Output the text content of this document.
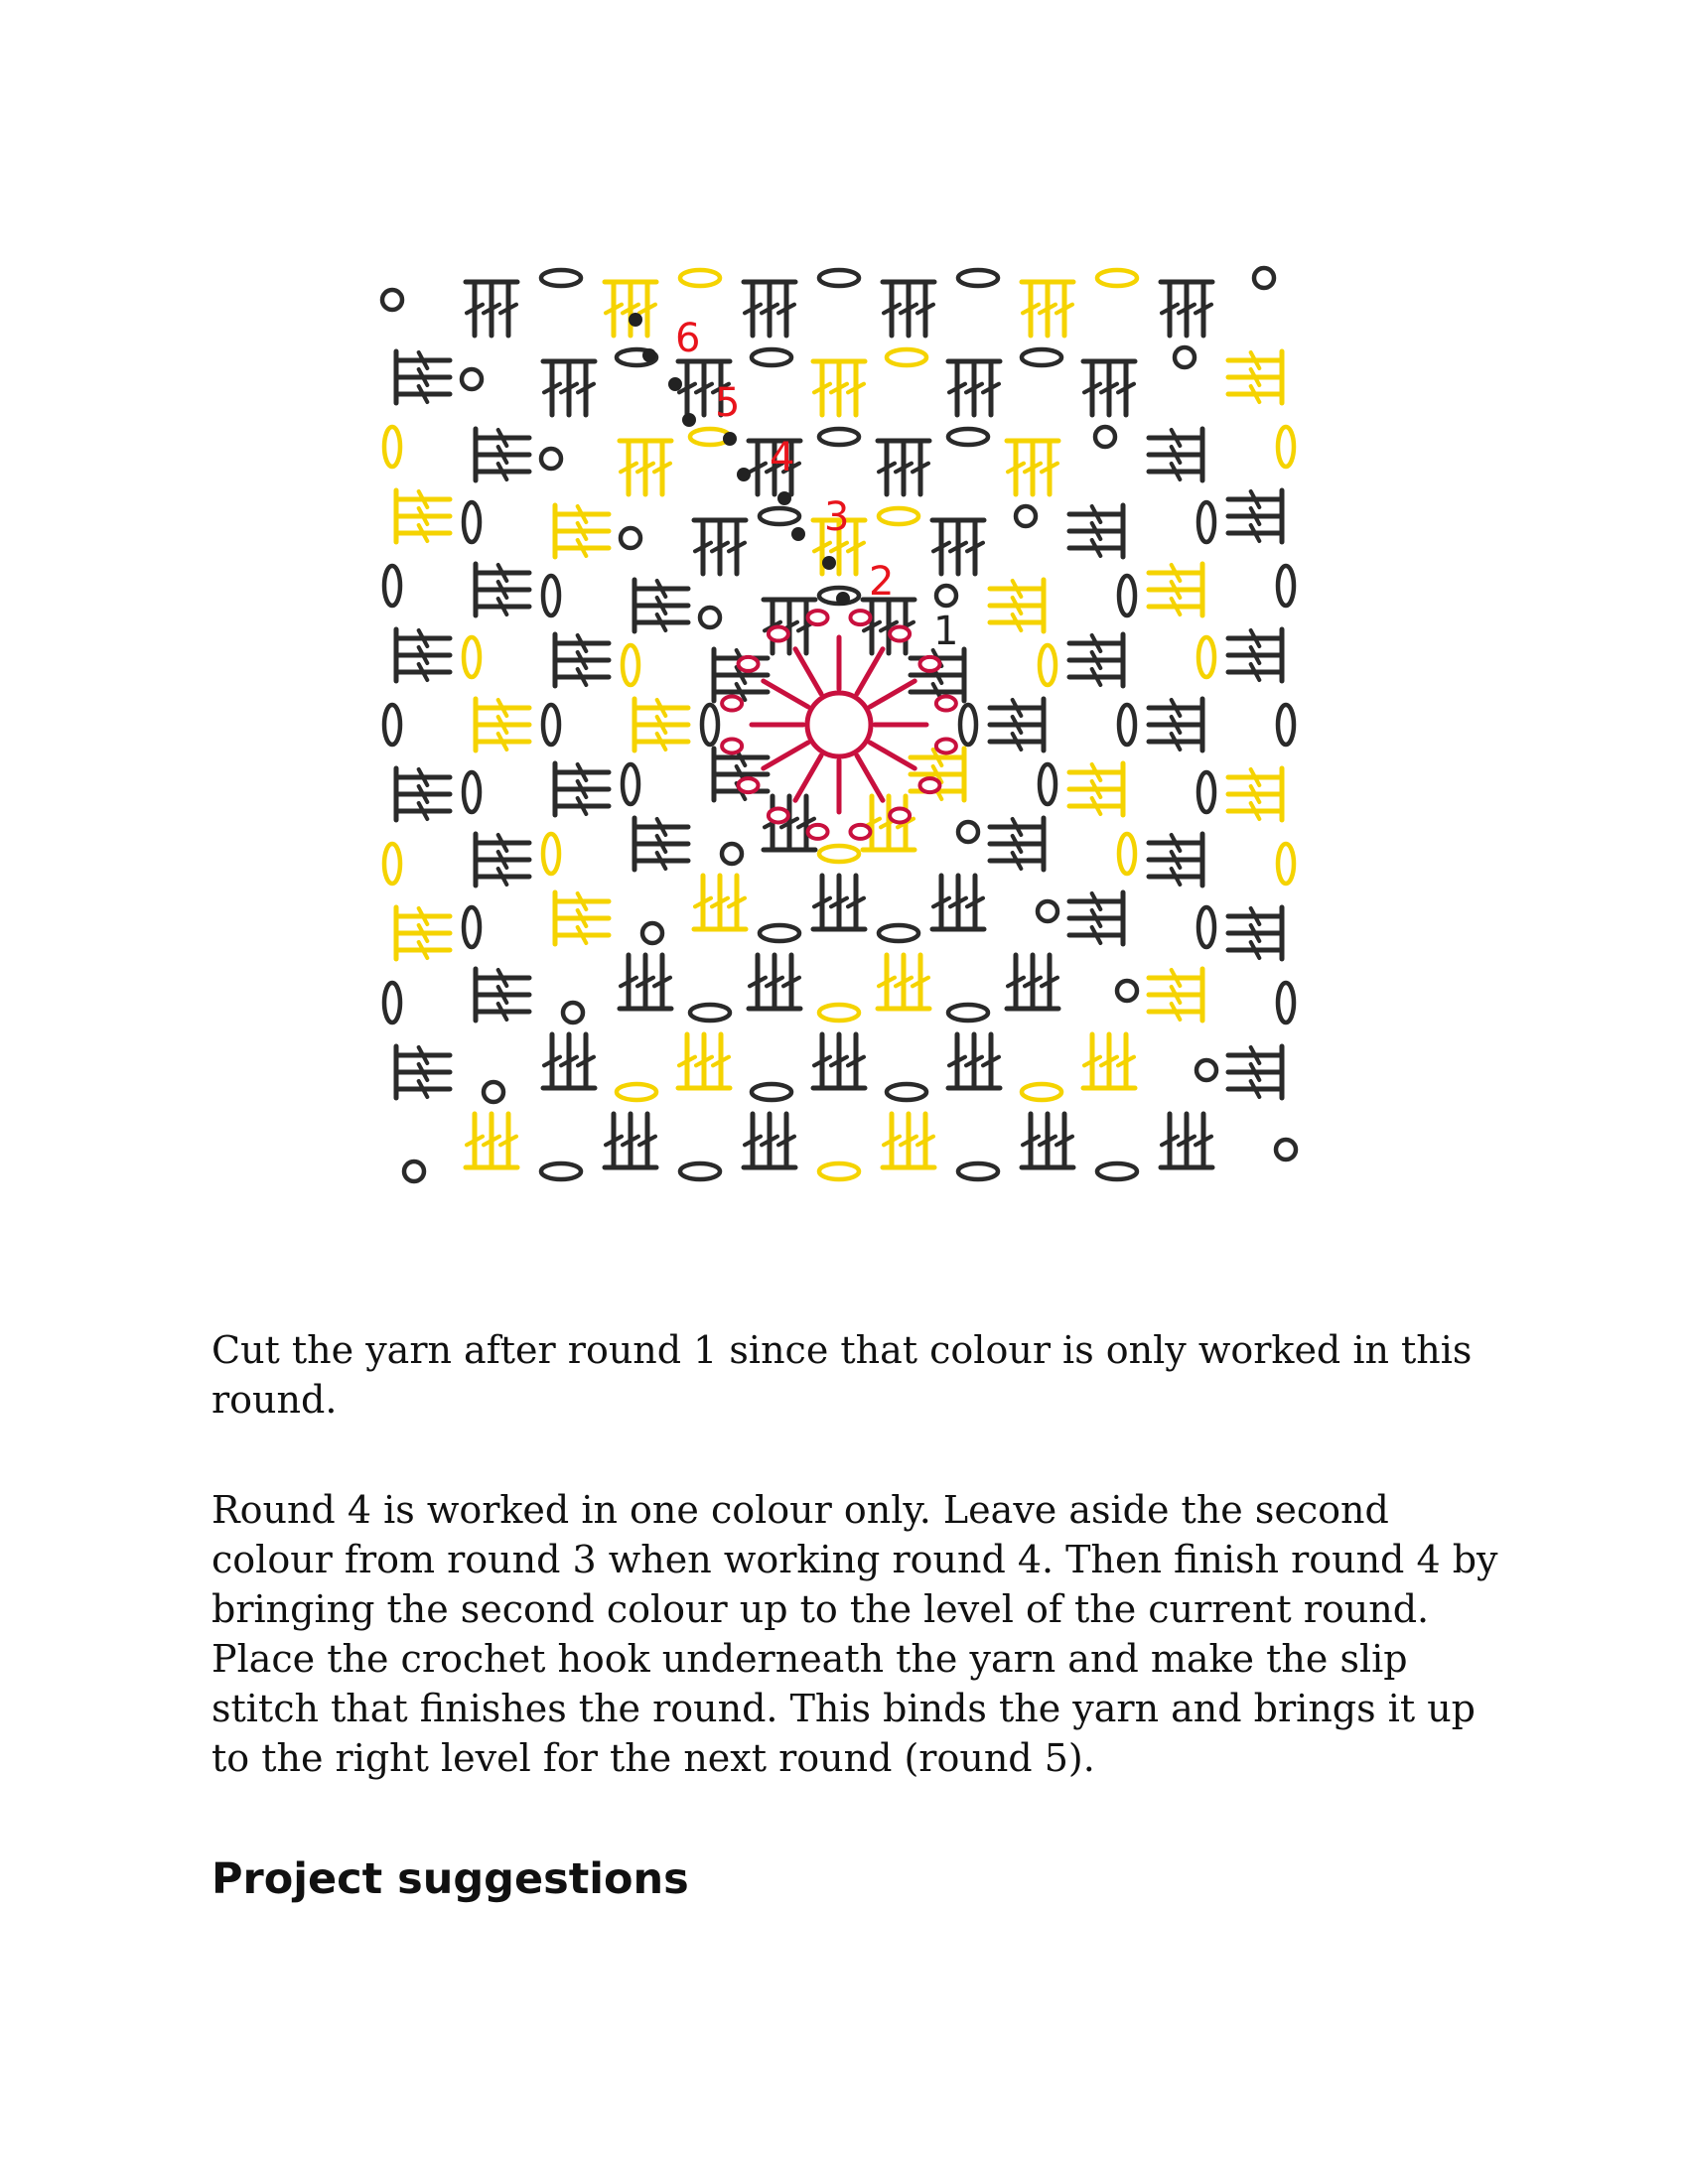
1
2
3
4
5
6

Cut the yarn after round 1 since that colour is only worked in this round.

Round 4 is worked in one colour only. Leave aside the second colour from round 3 when working round 4. Then finish round 4 by bringing the second colour up to the level of the current round. Place the crochet hook underneath the yarn and make the slip stitch that finishes the round. This binds the yarn and brings it up to the right level for the next round (round 5).

Project suggestions
